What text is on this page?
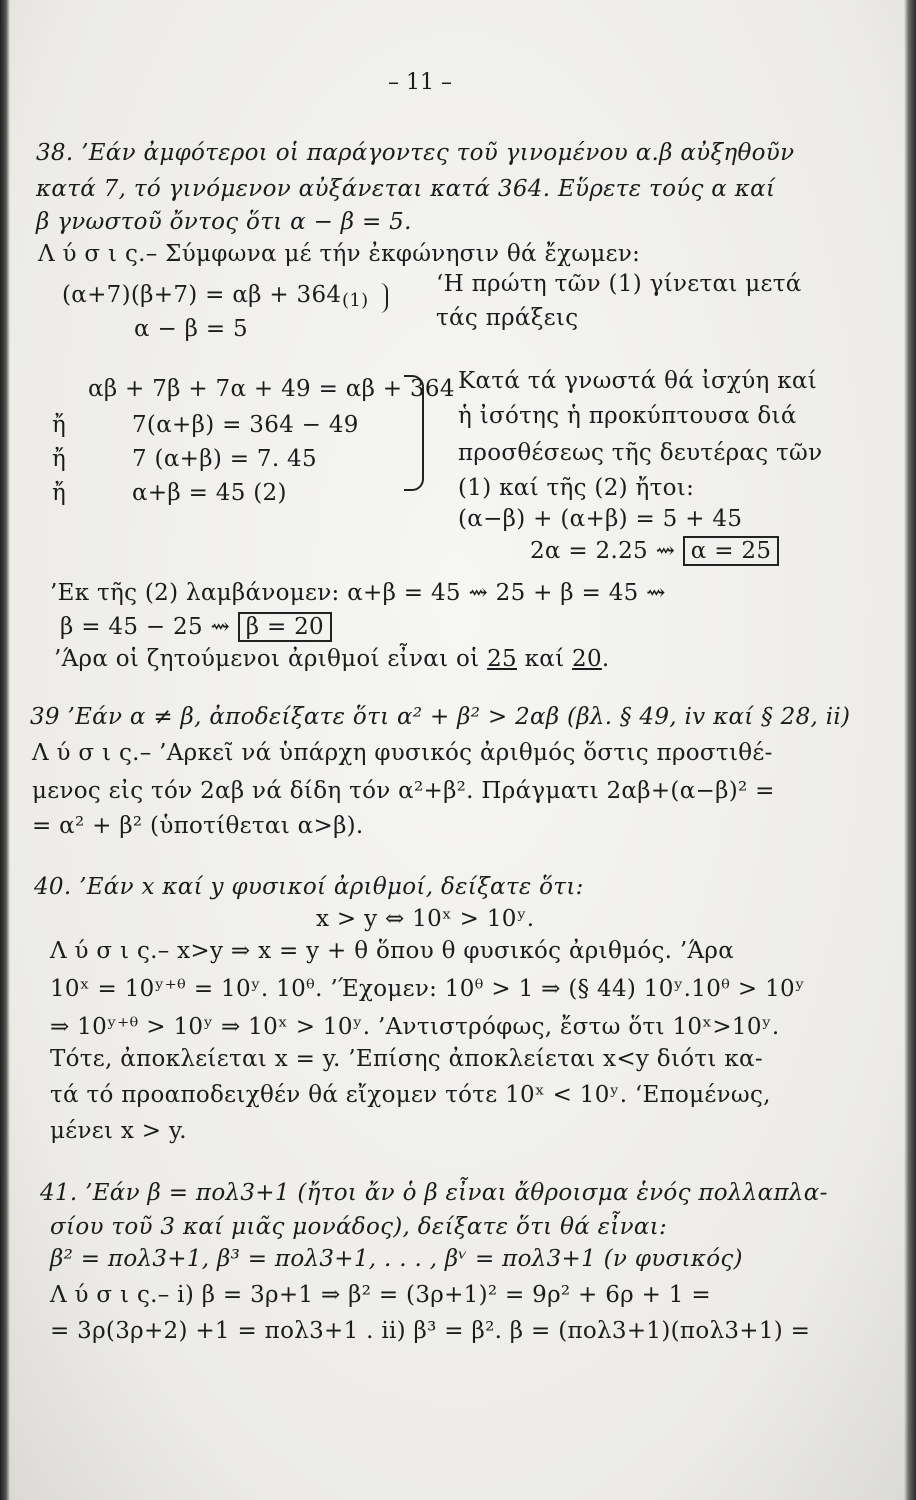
– 11 –
38. ’Εάν ἀμφότεροι οἱ παράγοντες τοῦ γινομένου α.β αὐξηθοῦν
κατά 7, τό γινόμενον αὐξάνεται κατά 364. Εὕρετε τούς α καί
β γνωστοῦ ὄντος ὅτι α − β = 5.
Λ ύ σ ι ς.– Σύμφωνα μέ τήν ἐκφώνησιν θά ἔχωμεν:
(α+7)(β+7) = αβ + 364 (1)
‘Η πρώτη τῶν (1) γίνεται μετά
α − β = 5	τάς πράξεις
αβ + 7β + 7α + 49 = αβ + 364
ἤ	7(α+β) = 364 − 49
ἤ	7 (α+β) = 7. 45
ἤ	α+β = 45 (2)
Κατά τά γνωστά θά ἰσχύη καί
ἡ ἰσότης ἡ προκύπτουσα διά
προσθέσεως τῆς δευτέρας τῶν
(1) καί τῆς (2) ἤτοι:
(α−β) + (α+β) = 5 + 45
2α = 2.25 ⇝ α = 25
’Εκ τῆς (2) λαμβάνομεν: α+β = 45 ⇝ 25 + β = 45 ⇝
β = 45 − 25 ⇝ β = 20
’Άρα οἱ ζητούμενοι ἀριθμοί εἶναι οἱ 25 καί 20.
39 ’Εάν α ≠ β, ἀποδείξατε ὅτι α² + β² > 2αβ (βλ. § 49, iv καί § 28, ii)
Λ ύ σ ι ς.– ’Αρκεῖ νά ὑπάρχη φυσικός ἀριθμός ὅστις προστιθέ-
μενος εἰς τόν 2αβ νά δίδη τόν α²+β². Πράγματι 2αβ+(α−β)² =
= α² + β² (ὑποτίθεται α>β).
40. ’Εάν x καί y φυσικοί ἀριθμοί, δείξατε ὅτι:
x > y ⇔ 10ˣ > 10ʸ.
Λ ύ σ ι ς.– x>y ⇒ x = y + θ ὅπου θ φυσικός ἀριθμός. ’Άρα
10ˣ = 10ʸ⁺ᶿ = 10ʸ. 10ᶿ. ’Έχομεν: 10ᶿ > 1 ⇒ (§ 44) 10ʸ.10ᶿ > 10ʸ
⇒ 10ʸ⁺ᶿ > 10ʸ ⇒ 10ˣ > 10ʸ. ’Αντιστρόφως, ἔστω ὅτι 10ˣ>10ʸ.
Τότε, ἀποκλείεται x = y. ’Επίσης ἀποκλείεται x<y διότι κα-
τά τό προαποδειχθέν θά εἴχομεν τότε 10ˣ < 10ʸ. ‘Επομένως,
μένει x > y.
41. ’Εάν β = πολ3+1 (ἤτοι ἄν ὁ β εἶναι ἄθροισμα ἑνός πολλαπλα-
σίου τοῦ 3 καί μιᾶς μονάδος), δείξατε ὅτι θά εἶναι:
β² = πολ3+1, β³ = πολ3+1, . . . , βᵛ = πολ3+1 (ν φυσικός)
Λ ύ σ ι ς.– i) β = 3ρ+1 ⇒ β² = (3ρ+1)² = 9ρ² + 6ρ + 1 =
= 3ρ(3ρ+2) +1 = πολ3+1 . ii) β³ = β². β = (πολ3+1)(πολ3+1) =
